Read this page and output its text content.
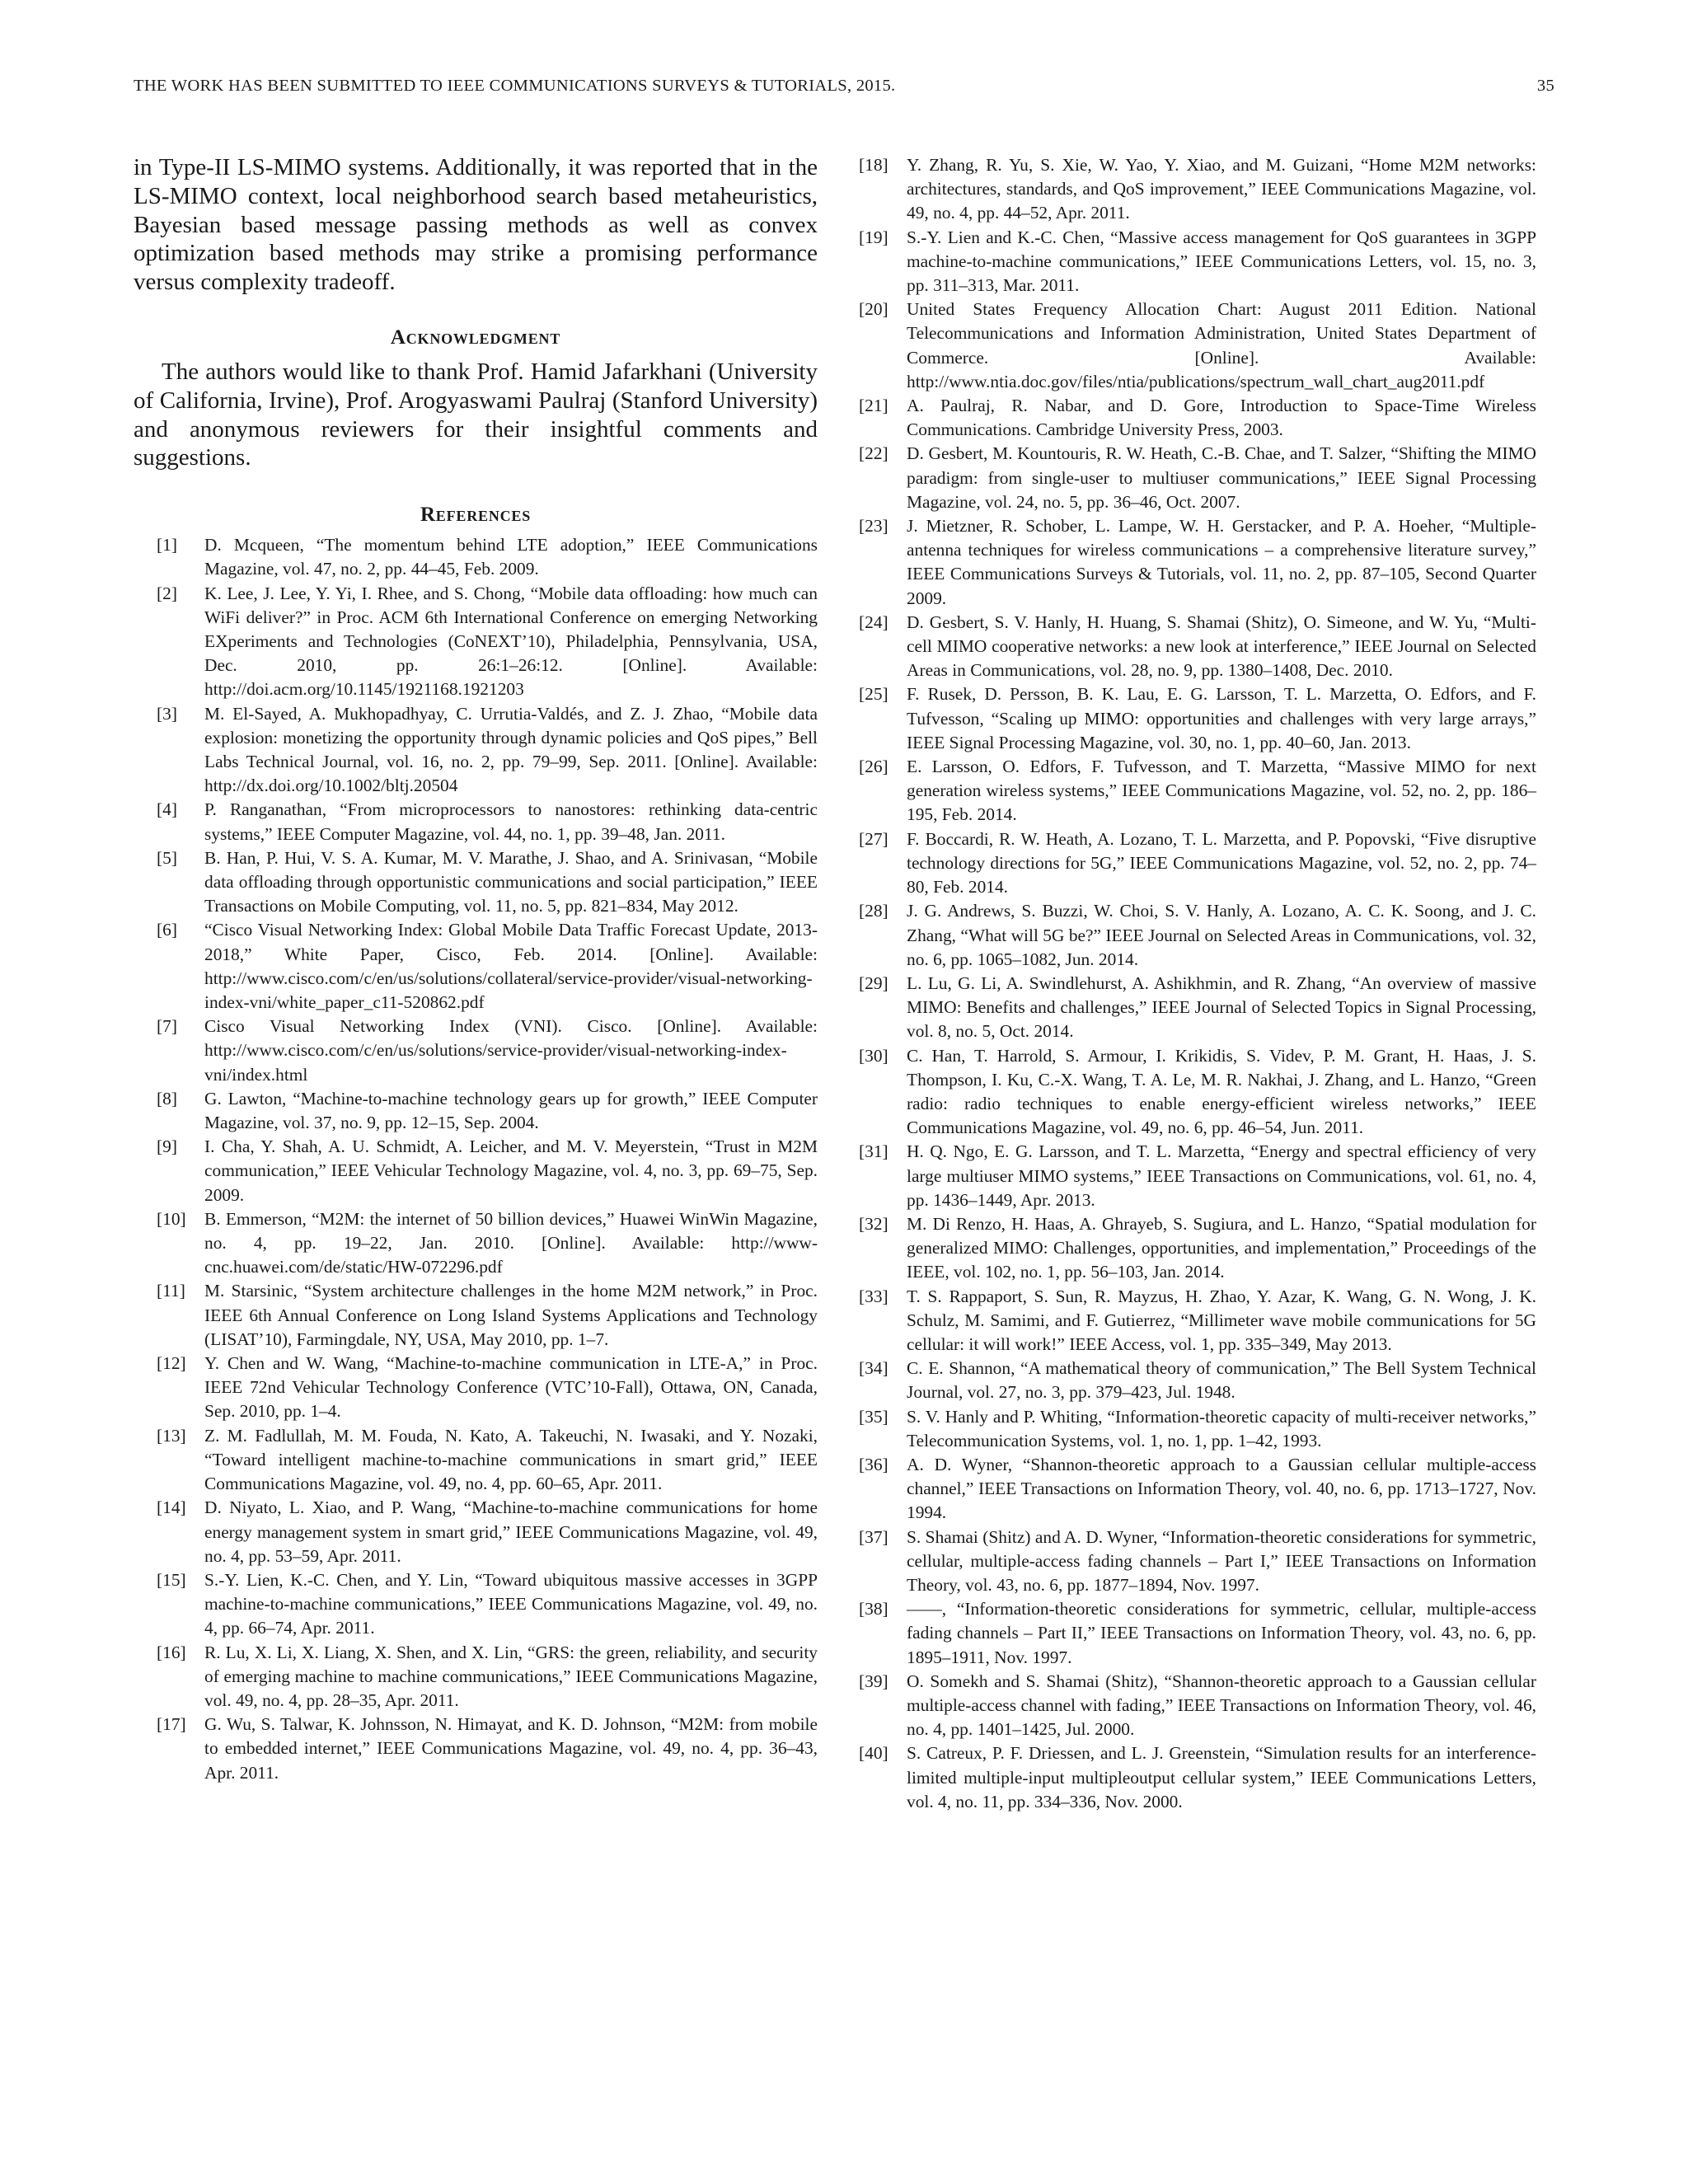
THE WORK HAS BEEN SUBMITTED TO IEEE COMMUNICATIONS SURVEYS & TUTORIALS, 2015.	35

in Type-II LS-MIMO systems. Additionally, it was reported that in the LS-MIMO context, local neighborhood search based metaheuristics, Bayesian based message passing methods as well as convex optimization based methods may strike a promising performance versus complexity tradeoff.

Acknowledgment

The authors would like to thank Prof. Hamid Jafarkhani (University of California, Irvine), Prof. Arogyaswami Paulraj (Stanford University) and anonymous reviewers for their insightful comments and suggestions.

References
[1]	D. Mcqueen, “The momentum behind LTE adoption,” IEEE Communications Magazine, vol. 47, no. 2, pp. 44–45, Feb. 2009.
[2]	K. Lee, J. Lee, Y. Yi, I. Rhee, and S. Chong, “Mobile data offloading: how much can WiFi deliver?” in Proc. ACM 6th International Conference on emerging Networking EXperiments and Technologies (CoNEXT’10), Philadelphia, Pennsylvania, USA, Dec. 2010, pp. 26:1–26:12. [Online]. Available: http://doi.acm.org/10.1145/1921168.1921203
[3]	M. El-Sayed, A. Mukhopadhyay, C. Urrutia-Valdés, and Z. J. Zhao, “Mobile data explosion: monetizing the opportunity through dynamic policies and QoS pipes,” Bell Labs Technical Journal, vol. 16, no. 2, pp. 79–99, Sep. 2011. [Online]. Available: http://dx.doi.org/10.1002/bltj.20504
[4]	P. Ranganathan, “From microprocessors to nanostores: rethinking data-centric systems,” IEEE Computer Magazine, vol. 44, no. 1, pp. 39–48, Jan. 2011.
[5]	B. Han, P. Hui, V. S. A. Kumar, M. V. Marathe, J. Shao, and A. Srinivasan, “Mobile data offloading through opportunistic communications and social participation,” IEEE Transactions on Mobile Computing, vol. 11, no. 5, pp. 821–834, May 2012.
[6]	“Cisco Visual Networking Index: Global Mobile Data Traffic Forecast Update, 2013-2018,” White Paper, Cisco, Feb. 2014. [Online]. Available: http://www.cisco.com/c/en/us/solutions/collateral/service-provider/visual-networking-index-vni/white_paper_c11-520862.pdf
[7]	Cisco Visual Networking Index (VNI). Cisco. [Online]. Available: http://www.cisco.com/c/en/us/solutions/service-provider/visual-networking-index-vni/index.html
[8]	G. Lawton, “Machine-to-machine technology gears up for growth,” IEEE Computer Magazine, vol. 37, no. 9, pp. 12–15, Sep. 2004.
[9]	I. Cha, Y. Shah, A. U. Schmidt, A. Leicher, and M. V. Meyerstein, “Trust in M2M communication,” IEEE Vehicular Technology Magazine, vol. 4, no. 3, pp. 69–75, Sep. 2009.
[10]	B. Emmerson, “M2M: the internet of 50 billion devices,” Huawei WinWin Magazine, no. 4, pp. 19–22, Jan. 2010. [Online]. Available: http://www-cnc.huawei.com/de/static/HW-072296.pdf
[11]	M. Starsinic, “System architecture challenges in the home M2M network,” in Proc. IEEE 6th Annual Conference on Long Island Systems Applications and Technology (LISAT’10), Farmingdale, NY, USA, May 2010, pp. 1–7.
[12]	Y. Chen and W. Wang, “Machine-to-machine communication in LTE-A,” in Proc. IEEE 72nd Vehicular Technology Conference (VTC’10-Fall), Ottawa, ON, Canada, Sep. 2010, pp. 1–4.
[13]	Z. M. Fadlullah, M. M. Fouda, N. Kato, A. Takeuchi, N. Iwasaki, and Y. Nozaki, “Toward intelligent machine-to-machine communications in smart grid,” IEEE Communications Magazine, vol. 49, no. 4, pp. 60–65, Apr. 2011.
[14]	D. Niyato, L. Xiao, and P. Wang, “Machine-to-machine communications for home energy management system in smart grid,” IEEE Communications Magazine, vol. 49, no. 4, pp. 53–59, Apr. 2011.
[15]	S.-Y. Lien, K.-C. Chen, and Y. Lin, “Toward ubiquitous massive accesses in 3GPP machine-to-machine communications,” IEEE Communications Magazine, vol. 49, no. 4, pp. 66–74, Apr. 2011.
[16]	R. Lu, X. Li, X. Liang, X. Shen, and X. Lin, “GRS: the green, reliability, and security of emerging machine to machine communications,” IEEE Communications Magazine, vol. 49, no. 4, pp. 28–35, Apr. 2011.
[17]	G. Wu, S. Talwar, K. Johnsson, N. Himayat, and K. D. Johnson, “M2M: from mobile to embedded internet,” IEEE Communications Magazine, vol. 49, no. 4, pp. 36–43, Apr. 2011.
[18]	Y. Zhang, R. Yu, S. Xie, W. Yao, Y. Xiao, and M. Guizani, “Home M2M networks: architectures, standards, and QoS improvement,” IEEE Communications Magazine, vol. 49, no. 4, pp. 44–52, Apr. 2011.
[19]	S.-Y. Lien and K.-C. Chen, “Massive access management for QoS guarantees in 3GPP machine-to-machine communications,” IEEE Communications Letters, vol. 15, no. 3, pp. 311–313, Mar. 2011.
[20]	United States Frequency Allocation Chart: August 2011 Edition. National Telecommunications and Information Administration, United States Department of Commerce. [Online]. Available: http://www.ntia.doc.gov/files/ntia/publications/spectrum_wall_chart_aug2011.pdf
[21]	A. Paulraj, R. Nabar, and D. Gore, Introduction to Space-Time Wireless Communications. Cambridge University Press, 2003.
[22]	D. Gesbert, M. Kountouris, R. W. Heath, C.-B. Chae, and T. Salzer, “Shifting the MIMO paradigm: from single-user to multiuser communications,” IEEE Signal Processing Magazine, vol. 24, no. 5, pp. 36–46, Oct. 2007.
[23]	J. Mietzner, R. Schober, L. Lampe, W. H. Gerstacker, and P. A. Hoeher, “Multiple-antenna techniques for wireless communications – a comprehensive literature survey,” IEEE Communications Surveys & Tutorials, vol. 11, no. 2, pp. 87–105, Second Quarter 2009.
[24]	D. Gesbert, S. V. Hanly, H. Huang, S. Shamai (Shitz), O. Simeone, and W. Yu, “Multi-cell MIMO cooperative networks: a new look at interference,” IEEE Journal on Selected Areas in Communications, vol. 28, no. 9, pp. 1380–1408, Dec. 2010.
[25]	F. Rusek, D. Persson, B. K. Lau, E. G. Larsson, T. L. Marzetta, O. Edfors, and F. Tufvesson, “Scaling up MIMO: opportunities and challenges with very large arrays,” IEEE Signal Processing Magazine, vol. 30, no. 1, pp. 40–60, Jan. 2013.
[26]	E. Larsson, O. Edfors, F. Tufvesson, and T. Marzetta, “Massive MIMO for next generation wireless systems,” IEEE Communications Magazine, vol. 52, no. 2, pp. 186–195, Feb. 2014.
[27]	F. Boccardi, R. W. Heath, A. Lozano, T. L. Marzetta, and P. Popovski, “Five disruptive technology directions for 5G,” IEEE Communications Magazine, vol. 52, no. 2, pp. 74–80, Feb. 2014.
[28]	J. G. Andrews, S. Buzzi, W. Choi, S. V. Hanly, A. Lozano, A. C. K. Soong, and J. C. Zhang, “What will 5G be?” IEEE Journal on Selected Areas in Communications, vol. 32, no. 6, pp. 1065–1082, Jun. 2014.
[29]	L. Lu, G. Li, A. Swindlehurst, A. Ashikhmin, and R. Zhang, “An overview of massive MIMO: Benefits and challenges,” IEEE Journal of Selected Topics in Signal Processing, vol. 8, no. 5, Oct. 2014.
[30]	C. Han, T. Harrold, S. Armour, I. Krikidis, S. Videv, P. M. Grant, H. Haas, J. S. Thompson, I. Ku, C.-X. Wang, T. A. Le, M. R. Nakhai, J. Zhang, and L. Hanzo, “Green radio: radio techniques to enable energy-efficient wireless networks,” IEEE Communications Magazine, vol. 49, no. 6, pp. 46–54, Jun. 2011.
[31]	H. Q. Ngo, E. G. Larsson, and T. L. Marzetta, “Energy and spectral efficiency of very large multiuser MIMO systems,” IEEE Transactions on Communications, vol. 61, no. 4, pp. 1436–1449, Apr. 2013.
[32]	M. Di Renzo, H. Haas, A. Ghrayeb, S. Sugiura, and L. Hanzo, “Spatial modulation for generalized MIMO: Challenges, opportunities, and implementation,” Proceedings of the IEEE, vol. 102, no. 1, pp. 56–103, Jan. 2014.
[33]	T. S. Rappaport, S. Sun, R. Mayzus, H. Zhao, Y. Azar, K. Wang, G. N. Wong, J. K. Schulz, M. Samimi, and F. Gutierrez, “Millimeter wave mobile communications for 5G cellular: it will work!” IEEE Access, vol. 1, pp. 335–349, May 2013.
[34]	C. E. Shannon, “A mathematical theory of communication,” The Bell System Technical Journal, vol. 27, no. 3, pp. 379–423, Jul. 1948.
[35]	S. V. Hanly and P. Whiting, “Information-theoretic capacity of multi-receiver networks,” Telecommunication Systems, vol. 1, no. 1, pp. 1–42, 1993.
[36]	A. D. Wyner, “Shannon-theoretic approach to a Gaussian cellular multiple-access channel,” IEEE Transactions on Information Theory, vol. 40, no. 6, pp. 1713–1727, Nov. 1994.
[37]	S. Shamai (Shitz) and A. D. Wyner, “Information-theoretic considerations for symmetric, cellular, multiple-access fading channels – Part I,” IEEE Transactions on Information Theory, vol. 43, no. 6, pp. 1877–1894, Nov. 1997.
[38]	——, “Information-theoretic considerations for symmetric, cellular, multiple-access fading channels – Part II,” IEEE Transactions on Information Theory, vol. 43, no. 6, pp. 1895–1911, Nov. 1997.
[39]	O. Somekh and S. Shamai (Shitz), “Shannon-theoretic approach to a Gaussian cellular multiple-access channel with fading,” IEEE Transactions on Information Theory, vol. 46, no. 4, pp. 1401–1425, Jul. 2000.
[40]	S. Catreux, P. F. Driessen, and L. J. Greenstein, “Simulation results for an interference-limited multiple-input multipleoutput cellular system,” IEEE Communications Letters, vol. 4, no. 11, pp. 334–336, Nov. 2000.
